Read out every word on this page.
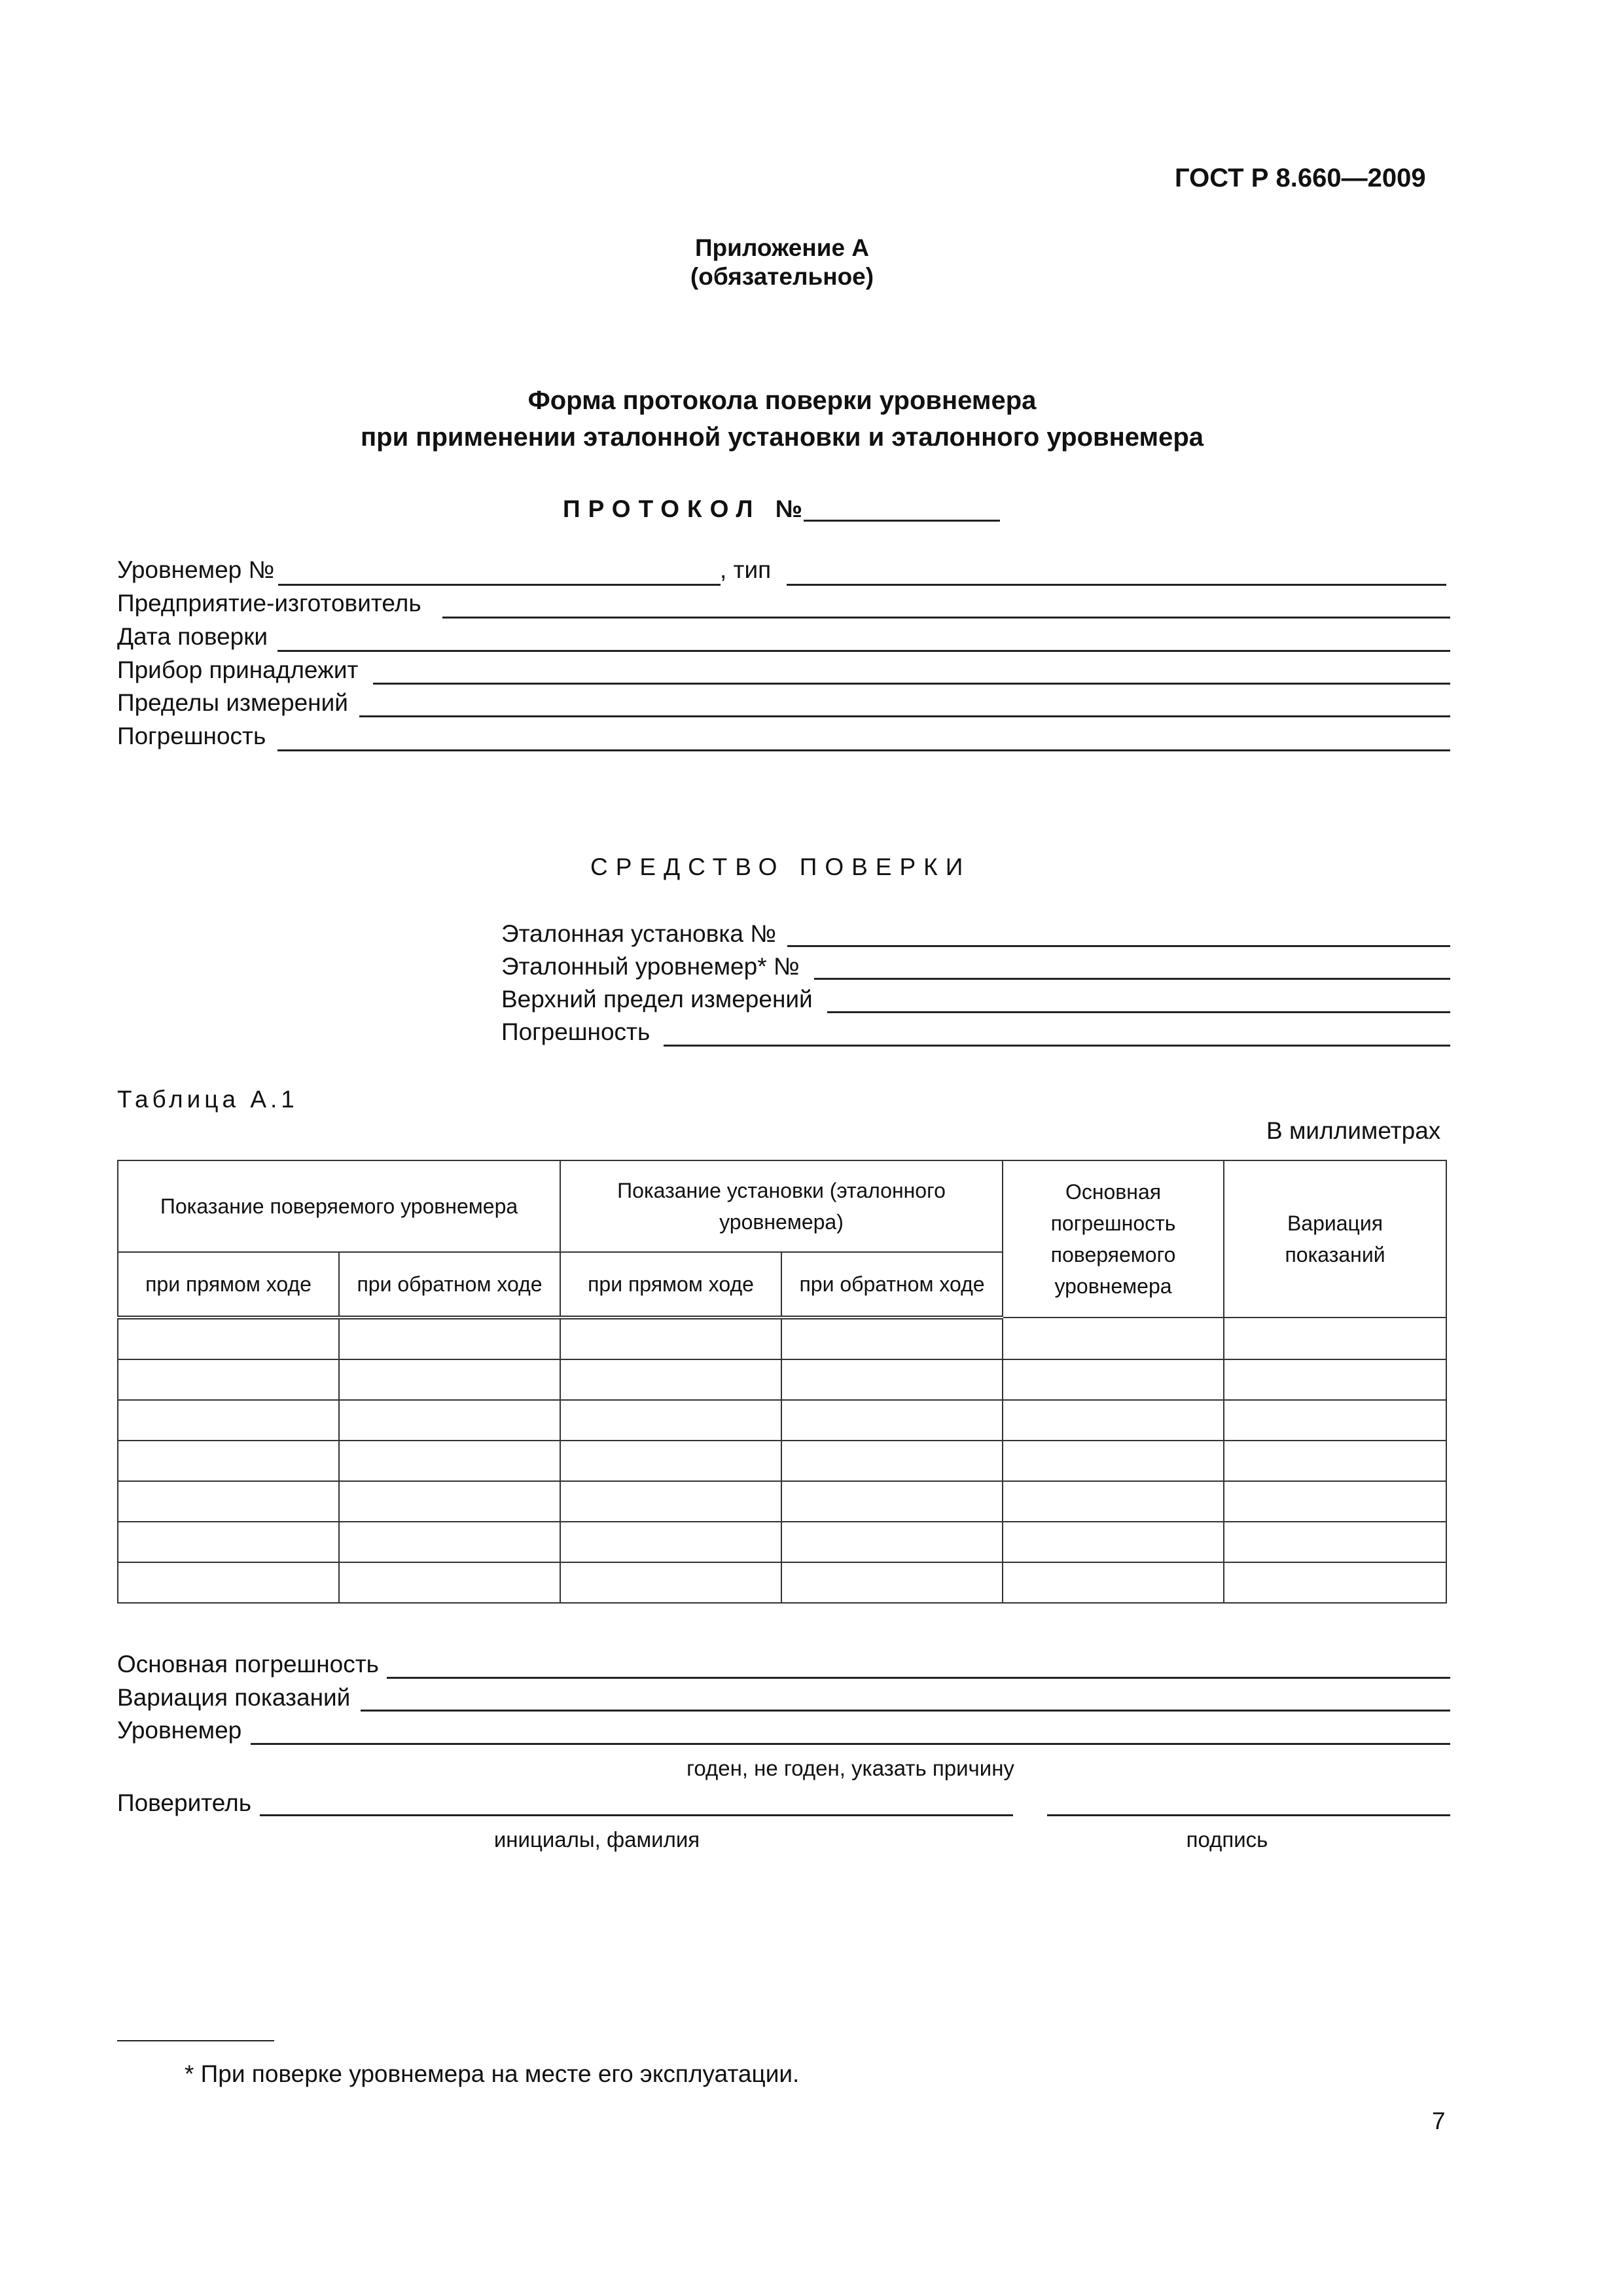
ГОСТ Р 8.660—2009
Приложение А
(обязательное)
Форма протокола поверки уровнемера
при применении эталонной установки и эталонного уровнемера
ПРОТОКОЛ №
Уровнемер №	, тип
Предприятие-изготовитель
Дата поверки
Прибор принадлежит
Пределы измерений
Погрешность
СРЕДСТВО ПОВЕРКИ
Эталонная установка №
Эталонный уровнемер* №
Верхний предел измерений
Погрешность
Таблица А.1
В миллиметрах
Показание поверяемого уровнемера		Показание установки (эталонного уровнемера)		Основная погрешность поверяемого уровнемера	Вариация показаний

при прямом ходе	при обратном ходе	при прямом ходе	при обратном ходе		

Основная погрешность
Вариация показаний
Уровнемер
годен, не годен, указать причину
Поверитель
инициалы, фамилия	подпись
* При поверке уровнемера на месте его эксплуатации.
7
